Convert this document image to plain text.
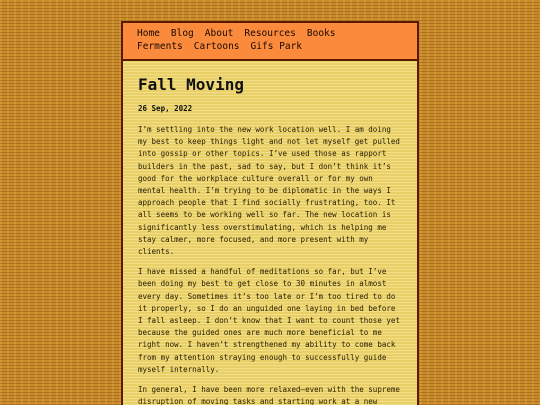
Home Blog About Resources Books
Ferments Cartoons Gifs Park
Fall Moving
26 Sep, 2022

I’m settling into the new work location well. I am doing my best to keep things light and not let myself get pulled into gossip or other topics. I’ve used those as rapport builders in the past, sad to say, but I don’t think it’s good for the workplace culture overall or for my own mental health. I’m trying to be diplomatic in the ways I approach people that I find socially frustrating, too. It all seems to be working well so far. The new location is significantly less overstimulating, which is helping me stay calmer, more focused, and more present with my clients.

I have missed a handful of meditations so far, but I’ve been doing my best to get close to 30 minutes in almost every day. Sometimes it’s too late or I’m too tired to do it properly, so I do an unguided one laying in bed before I fall asleep. I don’t know that I want to count those yet because the guided ones are much more beneficial to me right now. I haven’t strengthened my ability to come back from my attention straying enough to successfully guide myself internally.

In general, I have been more relaxed—even with the supreme disruption of moving tasks and starting work at a new
